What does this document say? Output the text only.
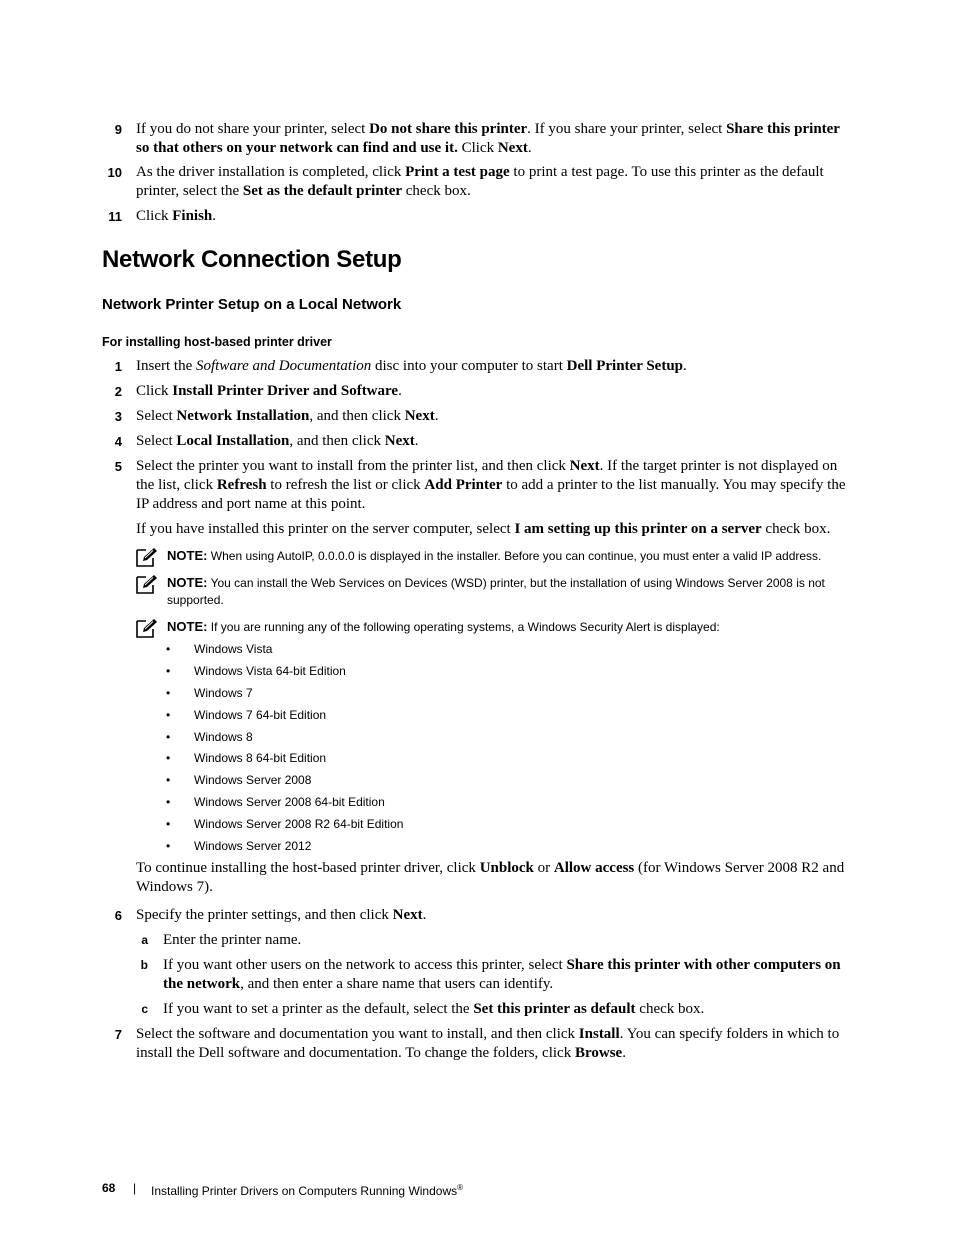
9 If you do not share your printer, select Do not share this printer. If you share your printer, select Share this printer so that others on your network can find and use it. Click Next.
10 As the driver installation is completed, click Print a test page to print a test page. To use this printer as the default printer, select the Set as the default printer check box.
11 Click Finish.
Network Connection Setup
Network Printer Setup on a Local Network
For installing host-based printer driver
1 Insert the Software and Documentation disc into your computer to start Dell Printer Setup.
2 Click Install Printer Driver and Software.
3 Select Network Installation, and then click Next.
4 Select Local Installation, and then click Next.
5 Select the printer you want to install from the printer list, and then click Next. If the target printer is not displayed on the list, click Refresh to refresh the list or click Add Printer to add a printer to the list manually. You may specify the IP address and port name at this point.
If you have installed this printer on the server computer, select I am setting up this printer on a server check box.
NOTE: When using AutoIP, 0.0.0.0 is displayed in the installer. Before you can continue, you must enter a valid IP address.
NOTE: You can install the Web Services on Devices (WSD) printer, but the installation of using Windows Server 2008 is not supported.
NOTE: If you are running any of the following operating systems, a Windows Security Alert is displayed:
• Windows Vista
• Windows Vista 64-bit Edition
• Windows 7
• Windows 7 64-bit Edition
• Windows 8
• Windows 8 64-bit Edition
• Windows Server 2008
• Windows Server 2008 64-bit Edition
• Windows Server 2008 R2 64-bit Edition
• Windows Server 2012
To continue installing the host-based printer driver, click Unblock or Allow access (for Windows Server 2008 R2 and Windows 7).
6 Specify the printer settings, and then click Next.
a Enter the printer name.
b If you want other users on the network to access this printer, select Share this printer with other computers on the network, and then enter a share name that users can identify.
c If you want to set a printer as the default, select the Set this printer as default check box.
7 Select the software and documentation you want to install, and then click Install. You can specify folders in which to install the Dell software and documentation. To change the folders, click Browse.
68 | Installing Printer Drivers on Computers Running Windows®
